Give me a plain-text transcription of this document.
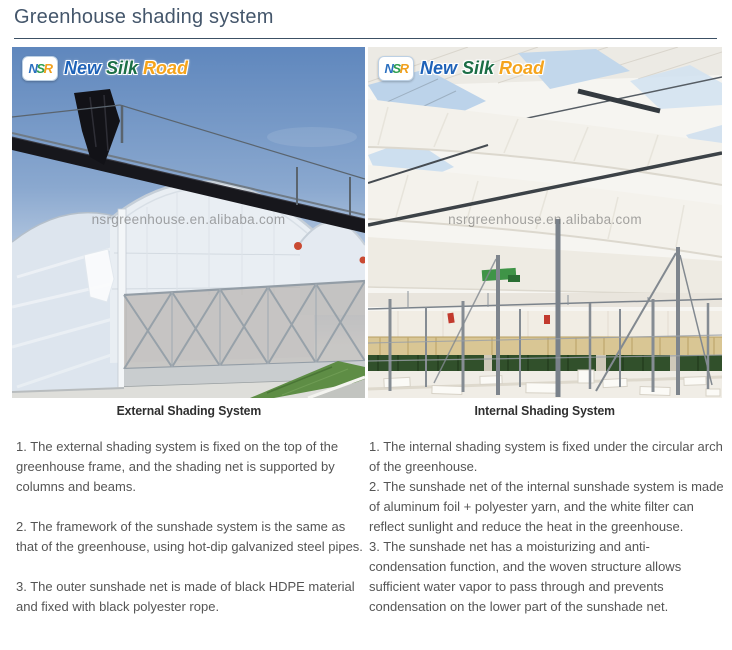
Greenhouse shading system
N S R New Silk Road
nsrgreenhouse.en.alibaba.com
N S R New Silk Road
nsrgreenhouse.en.alibaba.com
External Shading System	Internal Shading System

1. The external shading system is fixed on the top of the greenhouse frame, and the shading net is supported by columns and beams.

2. The framework of the sunshade system is the same as that of the greenhouse, using hot-dip galvanized steel pipes.

3. The outer sunshade net is made of black HDPE material and fixed with black polyester rope.

1. The internal shading system is fixed under the circular arch of the greenhouse.

2. The sunshade net of the internal sunshade system is made of aluminum foil + polyester yarn, and the white filter can reflect sunlight and reduce the heat in the greenhouse.

3. The sunshade net has a moisturizing and anti-condensation function, and the woven structure allows sufficient water vapor to pass through and prevents condensation on the lower part of the sunshade net.
